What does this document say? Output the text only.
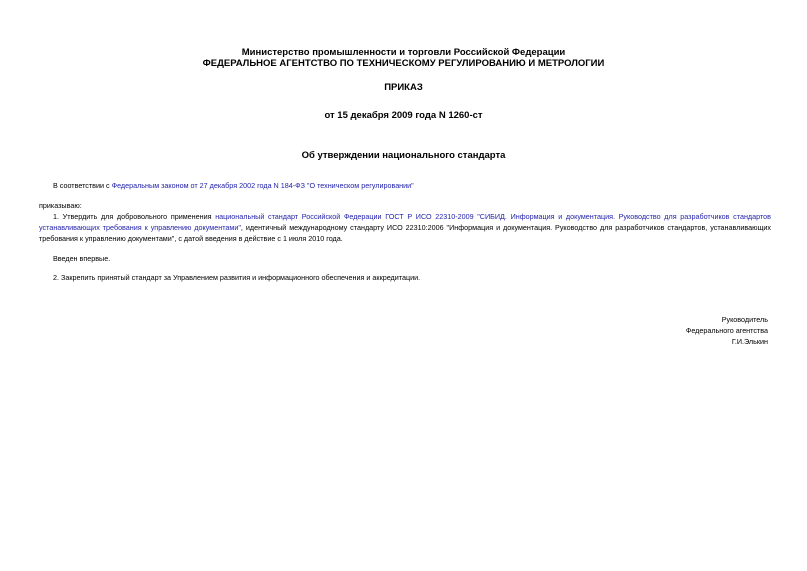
Министерство промышленности и торговли Российской Федерации
ФЕДЕРАЛЬНОЕ АГЕНТСТВО ПО ТЕХНИЧЕСКОМУ РЕГУЛИРОВАНИЮ И МЕТРОЛОГИИ
ПРИКАЗ
от 15 декабря 2009 года N 1260-ст
Об утверждении национального стандарта
В соответствии с Федеральным законом от 27 декабря 2002 года N 184-ФЗ "О техническом регулировании"
приказываю:
1. Утвердить для добровольного применения национальный стандарт Российской Федерации ГОСТ Р ИСО 22310-2009 "СИБИД. Информация и документация. Руководство для разработчиков стандартов устанавливающих требования к управлению документами", идентичный международному стандарту ИСО 22310:2006 "Информация и документация. Руководство для разработчиков стандартов, устанавливающих требования к управлению документами", с датой введения в действие с 1 июля 2010 года.
Введен впервые.
2. Закрепить принятый стандарт за Управлением развития и информационного обеспечения и аккредитации.
Руководитель
Федерального агентства
Г.И.Элькин
